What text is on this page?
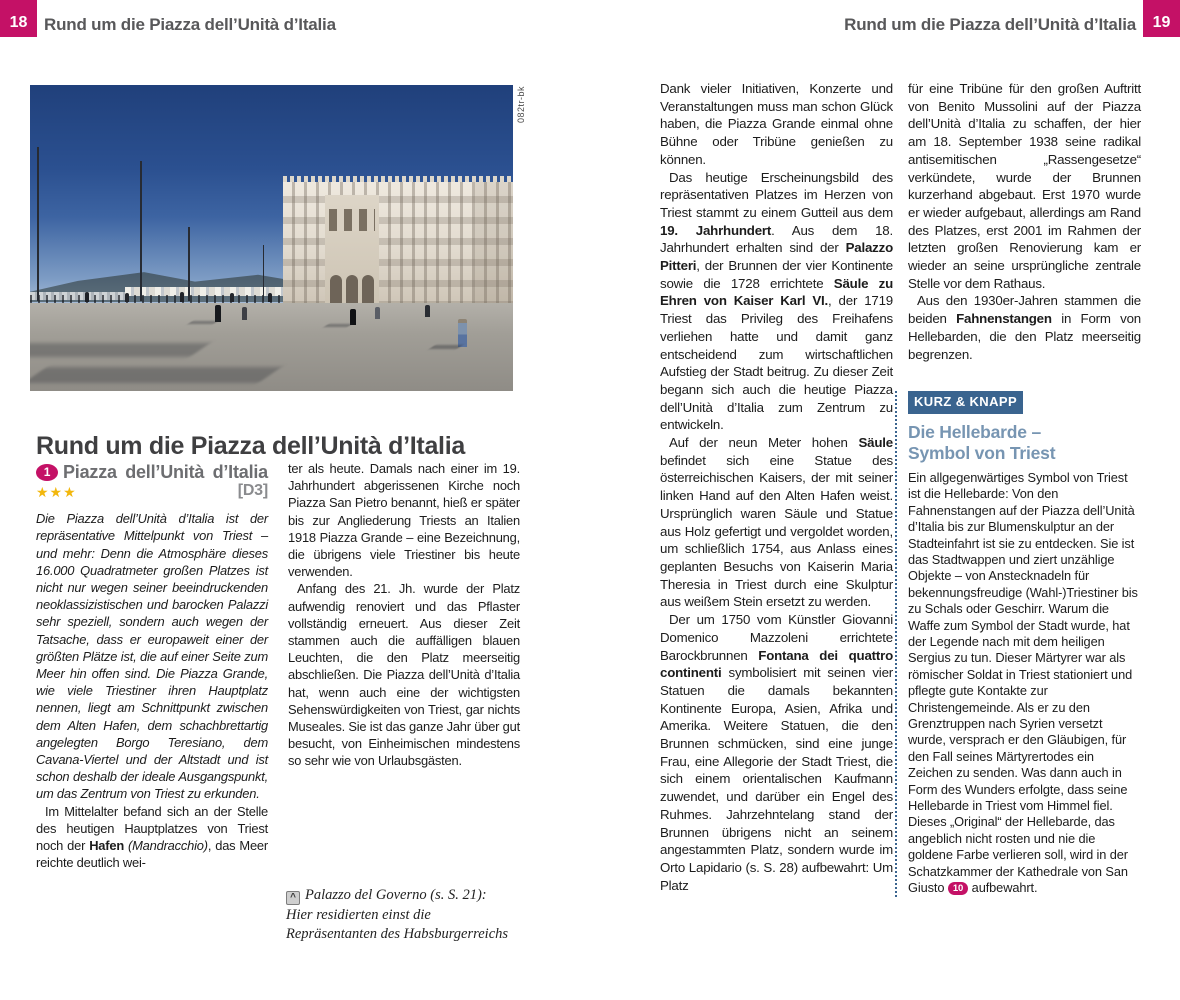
18 Rund um die Piazza dell’Unità d’Italia	Rund um die Piazza dell’Unità d’Italia	19
082tr-bk
Rund um die Piazza dell’Unità d’Italia
1 Piazza dell’Unità d’Italia ★★★	[D3]

Die Piazza dell’Unità d’Italia ist der repräsentative Mittelpunkt von Triest – und mehr: Denn die Atmosphäre dieses 16.000 Quadratmeter großen Platzes ist nicht nur wegen seiner beeindruckenden neoklassizistischen und barocken Palazzi sehr speziell, sondern auch wegen der Tatsache, dass er europaweit einer der größten Plätze ist, die auf einer Seite zum Meer hin offen sind. Die Piazza Grande, wie viele Triestiner ihren Hauptplatz nennen, liegt am Schnittpunkt zwischen dem Alten Hafen, dem schachbrettartig angelegten Borgo Teresiano, dem Cavana-Viertel und der Altstadt und ist schon deshalb der ideale Ausgangspunkt, um das Zentrum von Triest zu erkunden.

Im Mittelalter befand sich an der Stelle des heutigen Hauptplatzes von Triest noch der Hafen (Mandracchio), das Meer reichte deutlich wei-

ter als heute. Damals nach einer im 19. Jahrhundert abgerissenen Kirche noch Piazza San Pietro benannt, hieß er später bis zur Angliederung Triests an Italien 1918 Piazza Grande – eine Bezeichnung, die übrigens viele Triestiner bis heute verwenden.

Anfang des 21. Jh. wurde der Platz aufwendig renoviert und das Pflaster vollständig erneuert. Aus dieser Zeit stammen auch die auffälligen blauen Leuchten, die den Platz meerseitig abschließen. Die Piazza dell’Unità d’Italia hat, wenn auch eine der wichtigsten Sehenswürdigkeiten von Triest, gar nichts Museales. Sie ist das ganze Jahr über gut besucht, von Einheimischen mindestens so sehr wie von Urlaubsgästen.

^ Palazzo del Governo (s. S. 21):
Hier residierten einst die
Repräsentanten des Habsburgerreichs

Dank vieler Initiativen, Konzerte und Veranstaltungen muss man schon Glück haben, die Piazza Grande einmal ohne Bühne oder Tribüne genießen zu können.

Das heutige Erscheinungsbild des repräsentativen Platzes im Herzen von Triest stammt zu einem Gutteil aus dem 19. Jahrhundert. Aus dem 18. Jahrhundert erhalten sind der Palazzo Pitteri, der Brunnen der vier Kontinente sowie die 1728 errichtete Säule zu Ehren von Kaiser Karl VI., der 1719 Triest das Privileg des Freihafens verliehen hatte und damit ganz entscheidend zum wirtschaftlichen Aufstieg der Stadt beitrug. Zu dieser Zeit begann sich auch die heutige Piazza dell’Unità d’Italia zum Zentrum zu entwickeln.

Auf der neun Meter hohen Säule befindet sich eine Statue des österreichischen Kaisers, der mit seiner linken Hand auf den Alten Hafen weist. Ursprünglich waren Säule und Statue aus Holz gefertigt und vergoldet worden, um schließlich 1754, aus Anlass eines geplanten Besuchs von Kaiserin Maria Theresia in Triest durch eine Skulptur aus weißem Stein ersetzt zu werden.

Der um 1750 vom Künstler Giovanni Domenico Mazzoleni errichtete Barockbrunnen Fontana dei quattro continenti symbolisiert mit seinen vier Statuen die damals bekannten Kontinente Europa, Asien, Afrika und Amerika. Weitere Statuen, die den Brunnen schmücken, sind eine junge Frau, eine Allegorie der Stadt Triest, die sich einem orientalischen Kaufmann zuwendet, und darüber ein Engel des Ruhmes. Jahrzehntelang stand der Brunnen übrigens nicht an seinem angestammten Platz, sondern wurde im Orto Lapidario (s. S. 28) aufbewahrt: Um Platz

für eine Tribüne für den großen Auftritt von Benito Mussolini auf der Piazza dell’Unità d’Italia zu schaffen, der hier am 18. September 1938 seine radikal antisemitischen „Rassengesetze“ verkündete, wurde der Brunnen kurzerhand abgebaut. Erst 1970 wurde er wieder aufgebaut, allerdings am Rand des Platzes, erst 2001 im Rahmen der letzten großen Renovierung kam er wieder an seine ursprüngliche zentrale Stelle vor dem Rathaus.

Aus den 1930er-Jahren stammen die beiden Fahnenstangen in Form von Hellebarden, die den Platz meerseitig begrenzen.

KURZ & KNAPP
Die Hellebarde –
Symbol von Triest
Ein allgegenwärtiges Symbol von Triest ist die Hellebarde: Von den Fahnenstangen auf der Piazza dell’Unità d’Italia bis zur Blumenskulptur an der Stadteinfahrt ist sie zu entdecken. Sie ist das Stadtwappen und ziert unzählige Objekte – von Anstecknadeln für bekennungsfreudige (Wahl-)Triestiner bis zu Schals oder Geschirr. Warum die Waffe zum Symbol der Stadt wurde, hat der Legende nach mit dem heiligen Sergius zu tun. Dieser Märtyrer war als römischer Soldat in Triest stationiert und pflegte gute Kontakte zur Christengemeinde. Als er zu den Grenztruppen nach Syrien versetzt wurde, versprach er den Gläubigen, für den Fall seines Märtyrertodes ein Zeichen zu senden. Was dann auch in Form des Wunders erfolgte, dass seine Hellebarde in Triest vom Himmel fiel. Dieses „Original“ der Hellebarde, das angeblich nicht rosten und nie die goldene Farbe verlieren soll, wird in der Schatzkammer der Kathedrale von San Giusto 10 aufbewahrt.
